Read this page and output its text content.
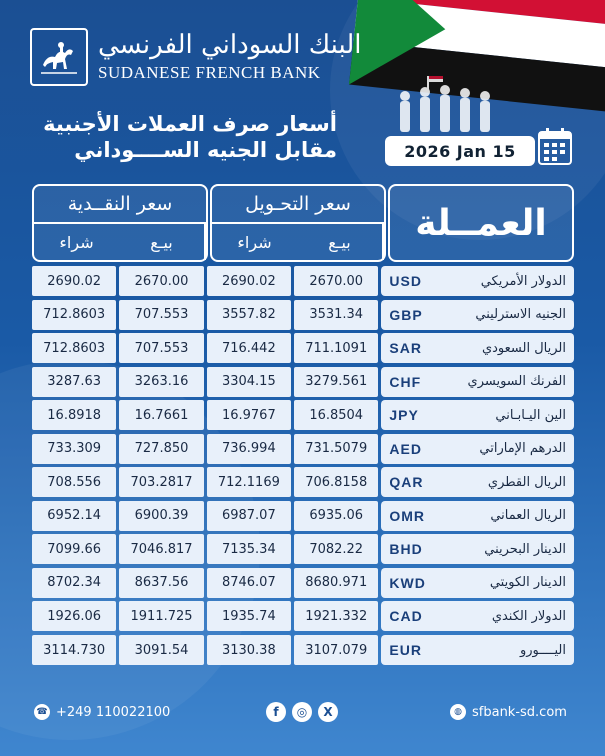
البنك السوداني الفرنسي
SUDANESE FRENCH BANK
أسعار صرف العملات الأجنبية
مقابل الجنيه الســــوداني	2026 Jan 15
العمــلة
سعر التحـويل
شراء	بيـع
سعر النقــدية
شراء	بيـع
2690.02	2670.00	2690.02	2670.00	USD	الدولار الأمريكي
712.8603	707.553	3557.82	3531.34	GBP	الجنيه الاسترليني
712.8603	707.553	716.442	711.1091	SAR	الريال السعودي
3287.63	3263.16	3304.15	3279.561	CHF	الفرنك السويسري
16.8918	16.7661	16.9767	16.8504	JPY	الين اليـابـاني
733.309	727.850	736.994	731.5079	AED	الدرهم الإماراتي
708.556	703.2817	712.1169	706.8158	QAR	الريال القطري
6952.14	6900.39	6987.07	6935.06	OMR	الريال العماني
7099.66	7046.817	7135.34	7082.22	BHD	الدينار البحريني
8702.34	8637.56	8746.07	8680.971	KWD	الدينار الكويتي
1926.06	1911.725	1935.74	1921.332	CAD	الدولار الكندي
3114.730	3091.54	3130.38	3107.079	EUR	اليــــورو
☎ +249 110022100	f	◎	X	◍ sfbank-sd.com
